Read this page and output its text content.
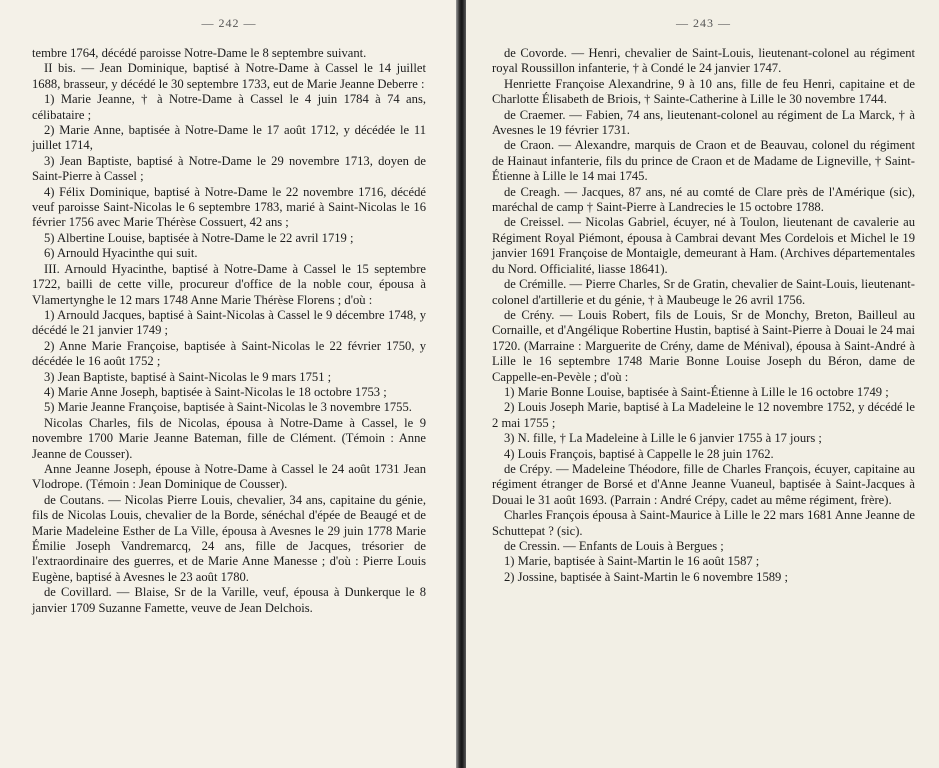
— 242 —

tembre 1764, décédé paroisse Notre-Dame le 8 septembre suivant.

II bis. — Jean Dominique, baptisé à Notre-Dame à Cassel le 14 juillet 1688, brasseur, y décédé le 30 septembre 1733, eut de Marie Jeanne Deberre :

1) Marie Jeanne, † à Notre-Dame à Cassel le 4 juin 1784 à 74 ans, célibataire ;

2) Marie Anne, baptisée à Notre-Dame le 17 août 1712, y décédée le 11 juillet 1714,

3) Jean Baptiste, baptisé à Notre-Dame le 29 novembre 1713, doyen de Saint-Pierre à Cassel ;

4) Félix Dominique, baptisé à Notre-Dame le 22 novembre 1716, décédé veuf paroisse Saint-Nicolas le 6 septembre 1783, marié à Saint-Nicolas le 16 février 1756 avec Marie Thérèse Cossuert, 42 ans ;

5) Albertine Louise, baptisée à Notre-Dame le 22 avril 1719 ;

6) Arnould Hyacinthe qui suit.

III. Arnould Hyacinthe, baptisé à Notre-Dame à Cassel le 15 septembre 1722, bailli de cette ville, procureur d'office de la noble cour, épousa à Vlamertynghe le 12 mars 1748 Anne Marie Thérèse Florens ; d'où :

1) Arnould Jacques, baptisé à Saint-Nicolas à Cassel le 9 décembre 1748, y décédé le 21 janvier 1749 ;

2) Anne Marie Françoise, baptisée à Saint-Nicolas le 22 février 1750, y décédée le 16 août 1752 ;

3) Jean Baptiste, baptisé à Saint-Nicolas le 9 mars 1751 ;

4) Marie Anne Joseph, baptisée à Saint-Nicolas le 18 octobre 1753 ;

5) Marie Jeanne Françoise, baptisée à Saint-Nicolas le 3 novembre 1755.

Nicolas Charles, fils de Nicolas, épousa à Notre-Dame à Cassel, le 9 novembre 1700 Marie Jeanne Bateman, fille de Clément. (Témoin : Anne Jeanne de Cousser).

Anne Jeanne Joseph, épouse à Notre-Dame à Cassel le 24 août 1731 Jean Vlodrope. (Témoin : Jean Dominique de Cousser).

de Coutans. — Nicolas Pierre Louis, chevalier, 34 ans, capitaine du génie, fils de Nicolas Louis, chevalier de la Borde, sénéchal d'épée de Beaugé et de Marie Madeleine Esther de La Ville, épousa à Avesnes le 29 juin 1778 Marie Émilie Joseph Vandremarcq, 24 ans, fille de Jacques, trésorier de l'extraordinaire des guerres, et de Marie Anne Manesse ; d'où : Pierre Louis Eugène, baptisé à Avesnes le 23 août 1780.

de Covillard. — Blaise, Sr de la Varille, veuf, épousa à Dunkerque le 8 janvier 1709 Suzanne Famette, veuve de Jean Delchois.

— 243 —

de Covorde. — Henri, chevalier de Saint-Louis, lieutenant-colonel au régiment royal Roussillon infanterie, † à Condé le 24 janvier 1747.

Henriette Françoise Alexandrine, 9 à 10 ans, fille de feu Henri, capitaine et de Charlotte Élisabeth de Briois, † Sainte-Catherine à Lille le 30 novembre 1744.

de Craemer. — Fabien, 74 ans, lieutenant-colonel au régiment de La Marck, † à Avesnes le 19 février 1731.

de Craon. — Alexandre, marquis de Craon et de Beauvau, colonel du régiment de Hainaut infanterie, fils du prince de Craon et de Madame de Ligneville, † Saint-Étienne à Lille le 14 mai 1745.

de Creagh. — Jacques, 87 ans, né au comté de Clare près de l'Amérique (sic), maréchal de camp † Saint-Pierre à Landrecies le 15 octobre 1788.

de Creissel. — Nicolas Gabriel, écuyer, né à Toulon, lieutenant de cavalerie au Régiment Royal Piémont, épousa à Cambrai devant Mes Cordelois et Michel le 19 janvier 1691 Françoise de Montaigle, demeurant à Ham. (Archives départementales du Nord. Officialité, liasse 18641).

de Crémille. — Pierre Charles, Sr de Gratin, chevalier de Saint-Louis, lieutenant-colonel d'artillerie et du génie, † à Maubeuge le 26 avril 1756.

de Crény. — Louis Robert, fils de Louis, Sr de Monchy, Breton, Bailleul au Cornaille, et d'Angélique Robertine Hustin, baptisé à Saint-Pierre à Douai le 24 mai 1720. (Marraine : Marguerite de Crény, dame de Ménival), épousa à Saint-André à Lille le 16 septembre 1748 Marie Bonne Louise Joseph du Béron, dame de Cappelle-en-Pevèle ; d'où :

1) Marie Bonne Louise, baptisée à Saint-Étienne à Lille le 16 octobre 1749 ;

2) Louis Joseph Marie, baptisé à La Madeleine le 12 novembre 1752, y décédé le 2 mai 1755 ;

3) N. fille, † La Madeleine à Lille le 6 janvier 1755 à 17 jours ;

4) Louis François, baptisé à Cappelle le 28 juin 1762.

de Crépy. — Madeleine Théodore, fille de Charles François, écuyer, capitaine au régiment étranger de Borsé et d'Anne Jeanne Vuaneul, baptisée à Saint-Jacques à Douai le 31 août 1693. (Parrain : André Crépy, cadet au même régiment, frère).

Charles François épousa à Saint-Maurice à Lille le 22 mars 1681 Anne Jeanne de Schuttepat ? (sic).

de Cressin. — Enfants de Louis à Bergues ;

1) Marie, baptisée à Saint-Martin le 16 août 1587 ;

2) Jossine, baptisée à Saint-Martin le 6 novembre 1589 ;
